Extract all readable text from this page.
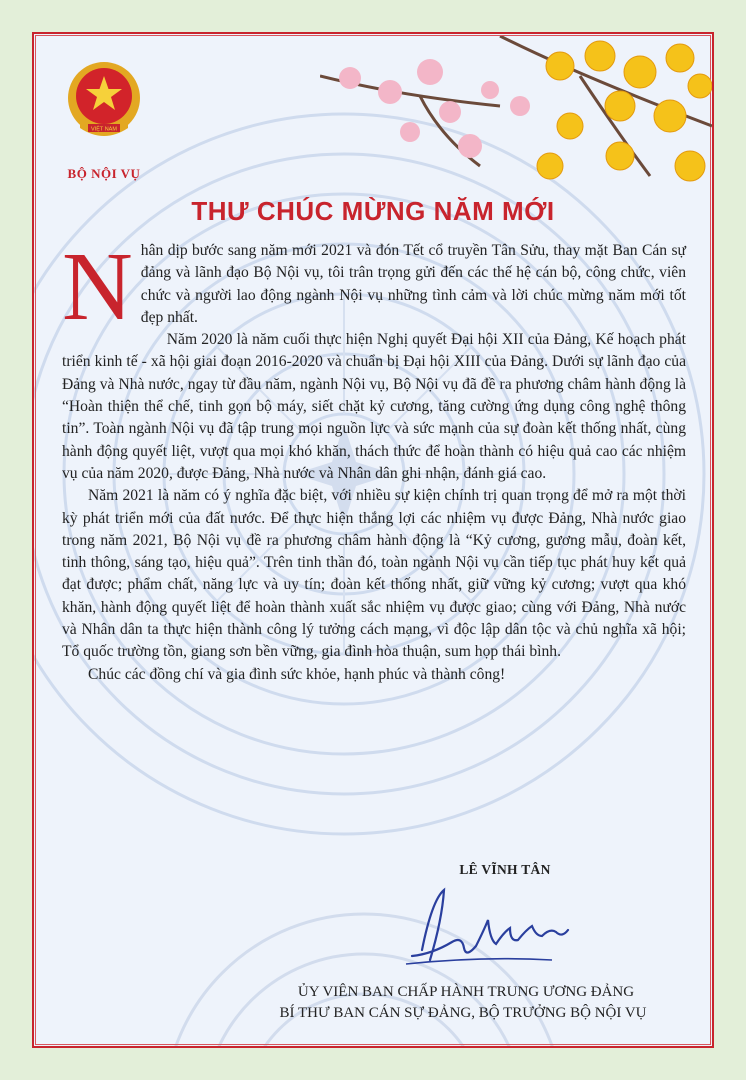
VIỆT NAM
BỘ NỘI VỤ
THƯ CHÚC MỪNG NĂM MỚI

Nhân dịp bước sang năm mới 2021 và đón Tết cổ truyền Tân Sửu, thay mặt Ban Cán sự đảng và lãnh đạo Bộ Nội vụ, tôi trân trọng gửi đến các thế hệ cán bộ, công chức, viên chức và người lao động ngành Nội vụ những tình cảm và lời chúc mừng năm mới tốt đẹp nhất.

Năm 2020 là năm cuối thực hiện Nghị quyết Đại hội XII của Đảng, Kế hoạch phát triển kinh tế - xã hội giai đoạn 2016-2020 và chuẩn bị Đại hội XIII của Đảng. Dưới sự lãnh đạo của Đảng và Nhà nước, ngay từ đầu năm, ngành Nội vụ, Bộ Nội vụ đã đề ra phương châm hành động là “Hoàn thiện thể chế, tinh gọn bộ máy, siết chặt kỷ cương, tăng cường ứng dụng công nghệ thông tin”. Toàn ngành Nội vụ đã tập trung mọi nguồn lực và sức mạnh của sự đoàn kết thống nhất, cùng hành động quyết liệt, vượt qua mọi khó khăn, thách thức để hoàn thành có hiệu quả cao các nhiệm vụ của năm 2020, được Đảng, Nhà nước và Nhân dân ghi nhận, đánh giá cao.

Năm 2021 là năm có ý nghĩa đặc biệt, với nhiều sự kiện chính trị quan trọng để mở ra một thời kỳ phát triển mới của đất nước. Để thực hiện thắng lợi các nhiệm vụ được Đảng, Nhà nước giao trong năm 2021, Bộ Nội vụ đề ra phương châm hành động là “Kỷ cương, gương mẫu, đoàn kết, tinh thông, sáng tạo, hiệu quả”. Trên tinh thần đó, toàn ngành Nội vụ cần tiếp tục phát huy kết quả đạt được; phẩm chất, năng lực và uy tín; đoàn kết thống nhất, giữ vững kỷ cương; vượt qua khó khăn, hành động quyết liệt để hoàn thành xuất sắc nhiệm vụ được giao; cùng với Đảng, Nhà nước và Nhân dân ta thực hiện thành công lý tưởng cách mạng, vì độc lập dân tộc và chủ nghĩa xã hội; Tổ quốc trường tồn, giang sơn bền vững, gia đình hòa thuận, sum họp thái bình.

Chúc các đồng chí và gia đình sức khỏe, hạnh phúc và thành công!

LÊ VĨNH TÂN
ỦY VIÊN BAN CHẤP HÀNH TRUNG ƯƠNG ĐẢNG
BÍ THƯ BAN CÁN SỰ ĐẢNG, BỘ TRƯỞNG BỘ NỘI VỤ
